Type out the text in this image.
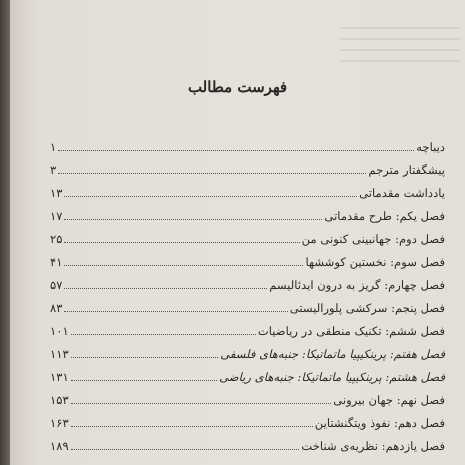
فهرست مطالب
دیباچه
۱
پیشگفتار مترجم
۳
یادداشت مقدماتی
۱۳
فصل یکم: طرح مقدماتی
۱۷
فصل دوم: جهانبینی کنونی من
۲۵
فصل سوم: نخستین کوششها
۴۱
فصل چهارم: گریز به درون ایدئالیسم
۵۷
فصل پنجم: سرکشی پلورالیستی
۸۳
فصل ششم: تکنیک منطقی در ریاضیات
۱۰۱
فصل هفتم: پرینکیپیا ماتماتیکا: جنبه‌های فلسفی
۱۱۳
فصل هشتم: پرینکیپیا ماتماتیکا: جنبه‌های ریاضی
۱۳۱
فصل نهم: جهان بیرونی
۱۵۳
فصل دهم: نفوذ ویتگنشتاین
۱۶۳
فصل یازدهم: نظریه‌ی شناخت
۱۸۹
